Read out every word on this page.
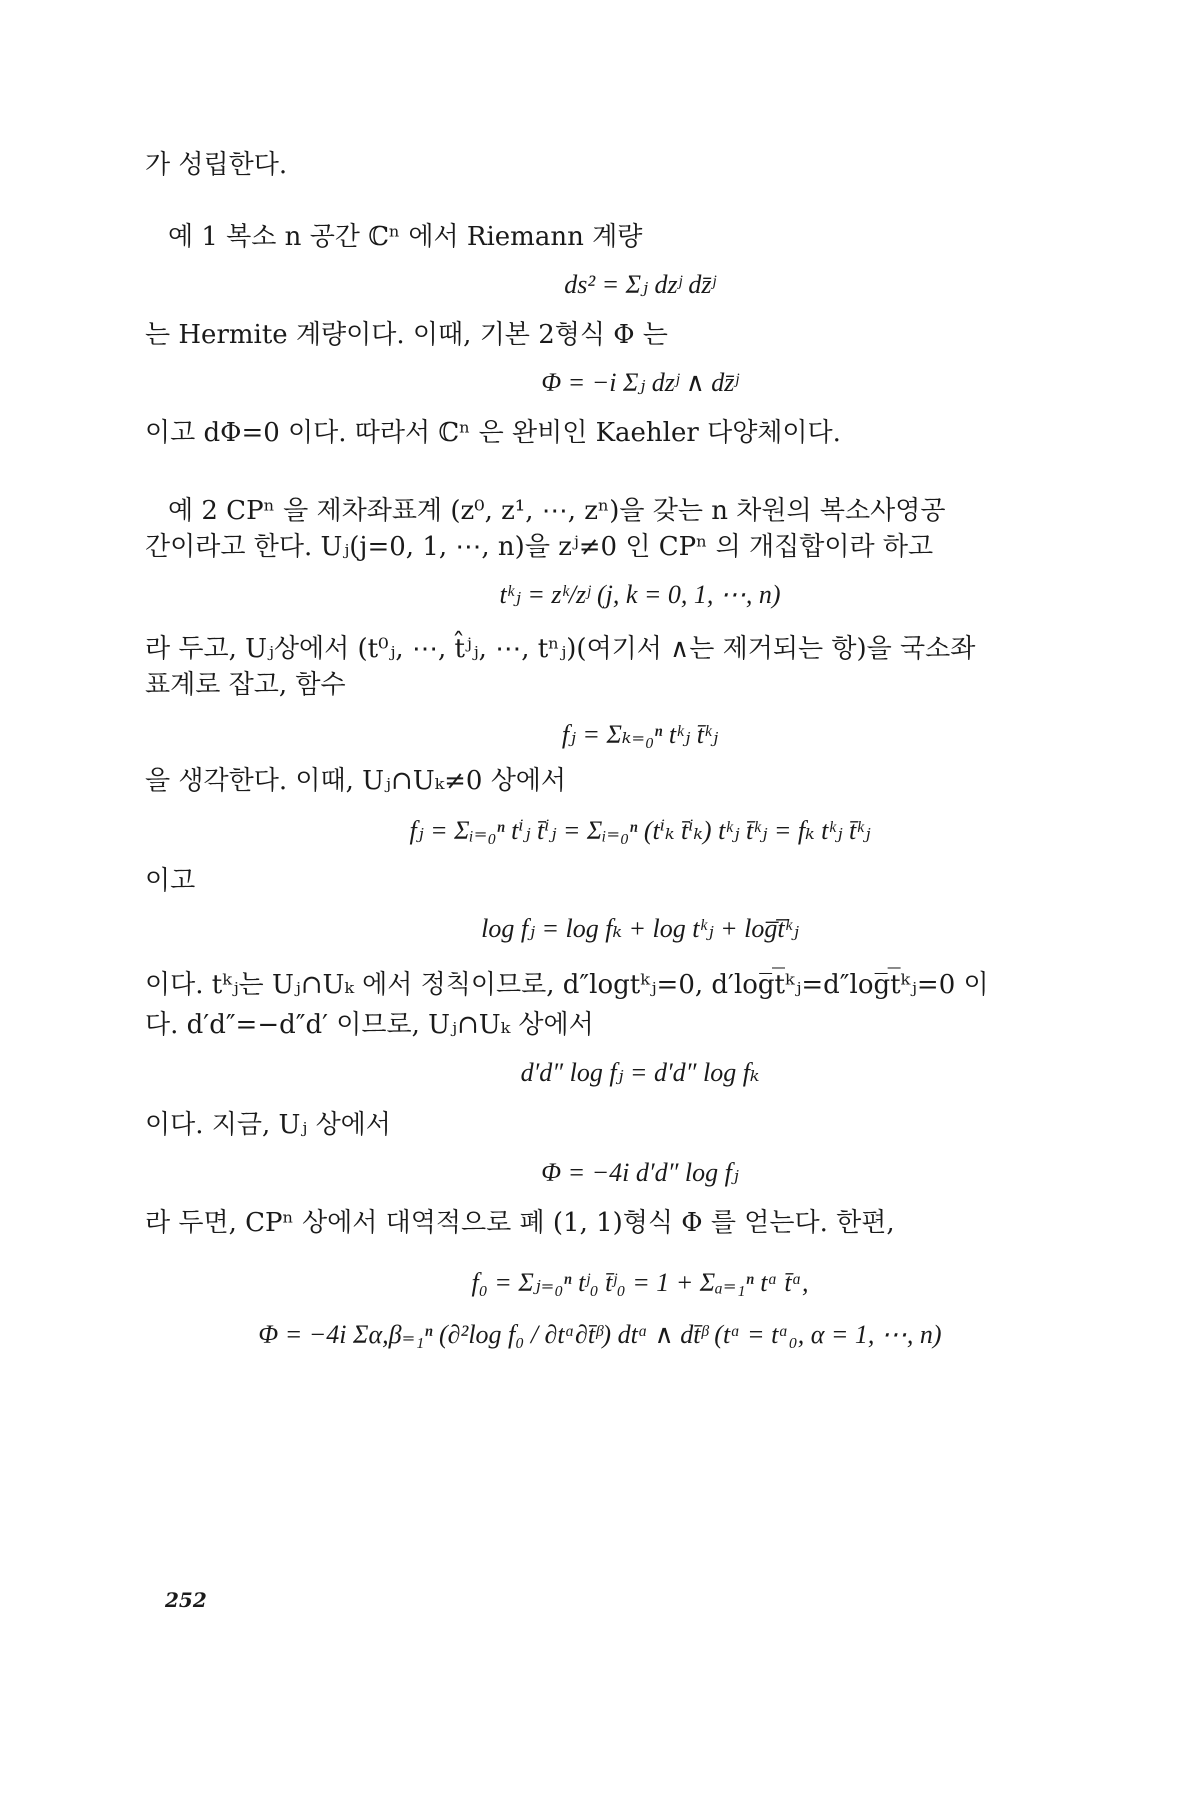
가 성립한다.

예 1 복소 n 공간 ℂⁿ 에서 Riemann 계량

ds² = Σⱼ dzʲ dz̄ʲ

는 Hermite 계량이다. 이때, 기본 2형식 Φ 는

Φ = −i Σⱼ dzʲ ∧ dz̄ʲ

이고 dΦ=0 이다. 따라서 ℂⁿ 은 완비인 Kaehler 다양체이다.

예 2 CPⁿ 을 제차좌표계 (z⁰, z¹, ⋯, zⁿ)을 갖는 n 차원의 복소사영공

간이라고 한다. Uⱼ(j=0, 1, ⋯, n)을 zʲ≠0 인 CPⁿ 의 개집합이라 하고

tᵏⱼ = zᵏ/zʲ (j, k = 0, 1, ⋯, n)

라 두고, Uⱼ상에서 (t⁰ⱼ, ⋯, t̂ʲⱼ, ⋯, tⁿⱼ)(여기서 ∧는 제거되는 항)을 국소좌

표계로 잡고, 함수

fⱼ = Σₖ₌₀ⁿ tᵏⱼ t̄ᵏⱼ

을 생각한다. 이때, Uⱼ∩Uₖ≠0 상에서

fⱼ = Σᵢ₌₀ⁿ tⁱⱼ t̄ⁱⱼ = Σᵢ₌₀ⁿ (tⁱₖ t̄ⁱₖ) tᵏⱼ t̄ᵏⱼ = fₖ tᵏⱼ t̄ᵏⱼ

이고

log fⱼ = log fₖ + log tᵏⱼ + log̅t̅ᵏⱼ

이다. tᵏⱼ는 Uⱼ∩Uₖ 에서 정칙이므로, d″logtᵏⱼ=0, d′log̅t̅ᵏⱼ=d″log̅t̅ᵏⱼ=0 이

다. d′d″=−d″d′ 이므로, Uⱼ∩Uₖ 상에서

d′d″ log fⱼ = d′d″ log fₖ

이다. 지금, Uⱼ 상에서

Φ = −4i d′d″ log fⱼ

라 두면, CPⁿ 상에서 대역적으로 폐 (1, 1)형식 Φ 를 얻는다. 한편,

f₀ = Σⱼ₌₀ⁿ tʲ₀ t̄ʲ₀ = 1 + Σₐ₌₁ⁿ tᵅ t̄ᵅ,

Φ = −4i Σα,β₌₁ⁿ (∂²log f₀ / ∂tᵅ∂t̄ᵝ) dtᵅ ∧ dt̄ᵝ (tᵅ = tᵅ₀, α = 1, ⋯, n)

252
